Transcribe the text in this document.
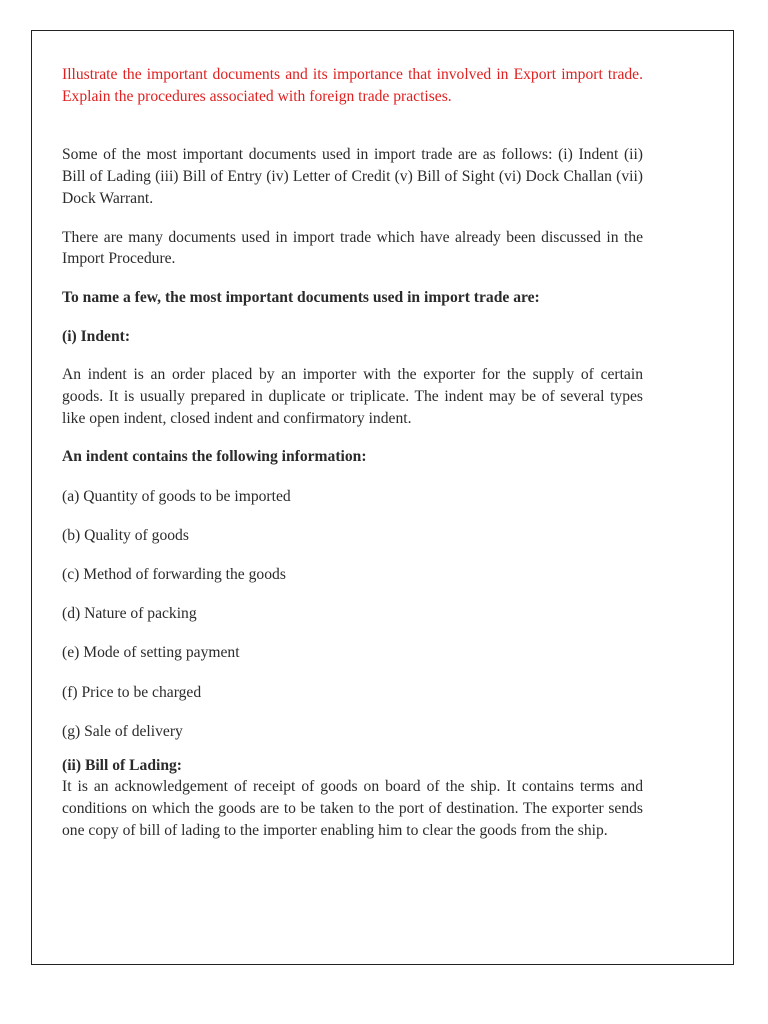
Illustrate the important documents and its importance that involved in Export import trade. Explain the procedures associated with foreign trade practises.

Some of the most important documents used in import trade are as follows: (i) Indent (ii) Bill of Lading (iii) Bill of Entry (iv) Letter of Credit (v) Bill of Sight (vi) Dock Challan (vii) Dock Warrant.

There are many documents used in import trade which have already been discussed in the Import Procedure.

To name a few, the most important documents used in import trade are:

(i) Indent:

An indent is an order placed by an importer with the exporter for the supply of certain goods. It is usually prepared in duplicate or triplicate. The indent may be of several types like open indent, closed indent and confirmatory indent.

An indent contains the following information:

(a) Quantity of goods to be imported

(b) Quality of goods

(c) Method of forwarding the goods

(d) Nature of packing

(e) Mode of setting payment

(f) Price to be charged

(g) Sale of delivery

(ii) Bill of Lading:

It is an acknowledgement of receipt of goods on board of the ship. It contains terms and conditions on which the goods are to be taken to the port of destination. The exporter sends one copy of bill of lading to the importer enabling him to clear the goods from the ship.
